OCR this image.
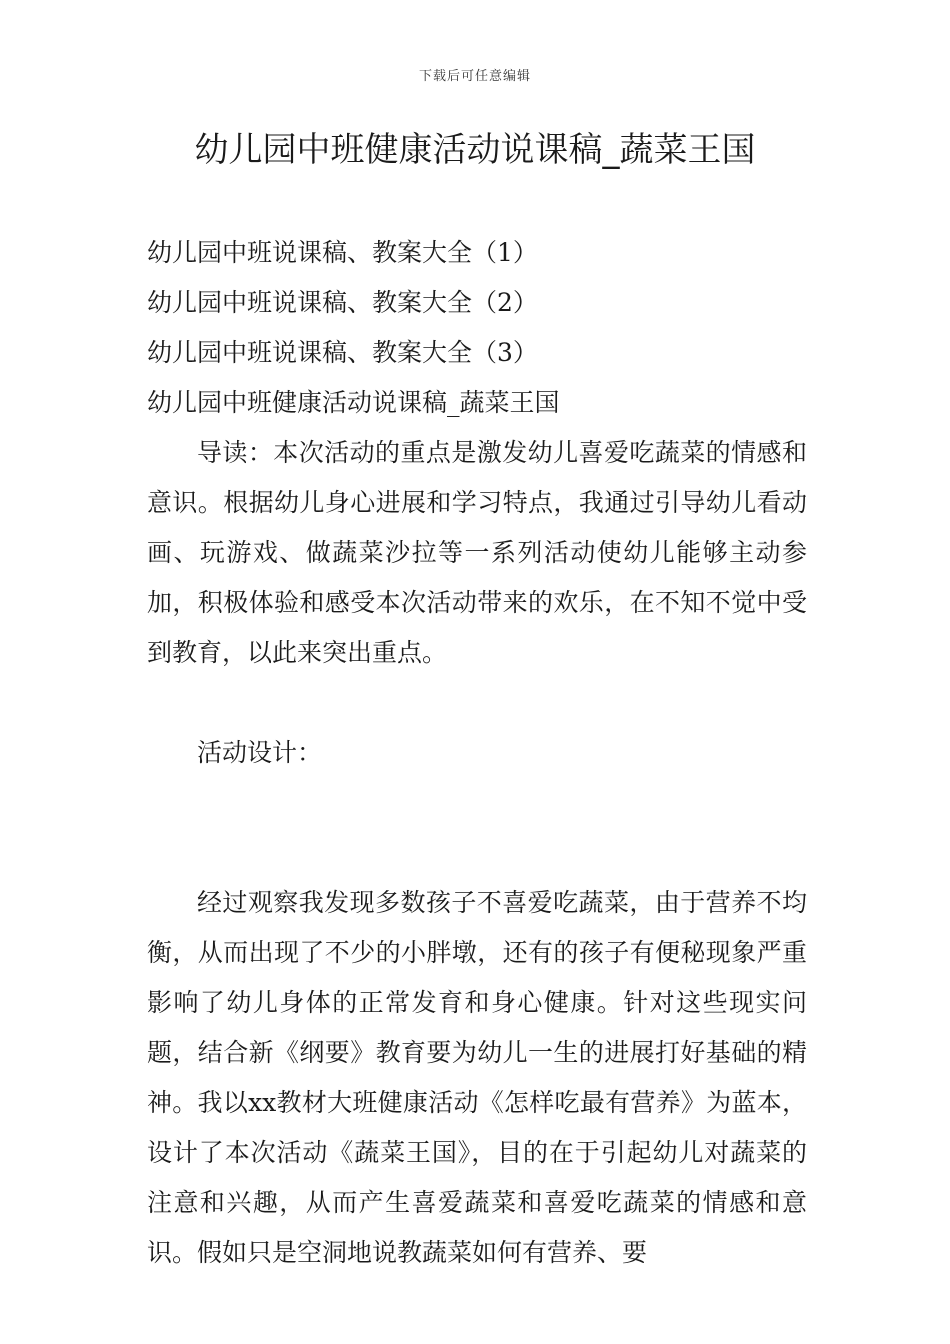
下载后可任意编辑
幼儿园中班健康活动说课稿_蔬菜王国

幼儿园中班说课稿、教案大全（1）

幼儿园中班说课稿、教案大全（2）

幼儿园中班说课稿、教案大全（3）

幼儿园中班健康活动说课稿_蔬菜王国

导读：本次活动的重点是激发幼儿喜爱吃蔬菜的情感和意识。根据幼儿身心进展和学习特点，我通过引导幼儿看动画、玩游戏、做蔬菜沙拉等一系列活动使幼儿能够主动参加，积极体验和感受本次活动带来的欢乐，在不知不觉中受到教育，以此来突出重点。

活动设计：

经过观察我发现多数孩子不喜爱吃蔬菜，由于营养不均衡，从而出现了不少的小胖墩，还有的孩子有便秘现象严重影响了幼儿身体的正常发育和身心健康。针对这些现实问题，结合新《纲要》教育要为幼儿一生的进展打好基础的精神。我以xx教材大班健康活动《怎样吃最有营养》为蓝本，设计了本次活动《蔬菜王国》，目的在于引起幼儿对蔬菜的注意和兴趣，从而产生喜爱蔬菜和喜爱吃蔬菜的情感和意识。假如只是空洞地说教蔬菜如何有营养、要
